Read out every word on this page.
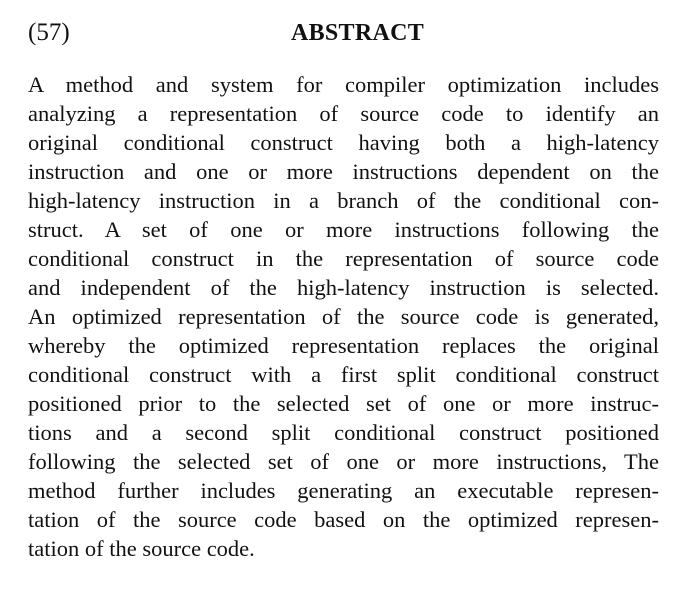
(57)	ABSTRACT
A method and system for compiler optimization includes
analyzing a representation of source code to identify an
original conditional construct having both a high-latency
instruction and one or more instructions dependent on the
high-latency instruction in a branch of the conditional con-
struct. A set of one or more instructions following the
conditional construct in the representation of source code
and independent of the high-latency instruction is selected.
An optimized representation of the source code is generated,
whereby the optimized representation replaces the original
conditional construct with a first split conditional construct
positioned prior to the selected set of one or more instruc-
tions and a second split conditional construct positioned
following the selected set of one or more instructions, The
method further includes generating an executable represen-
tation of the source code based on the optimized represen-
tation of the source code.
